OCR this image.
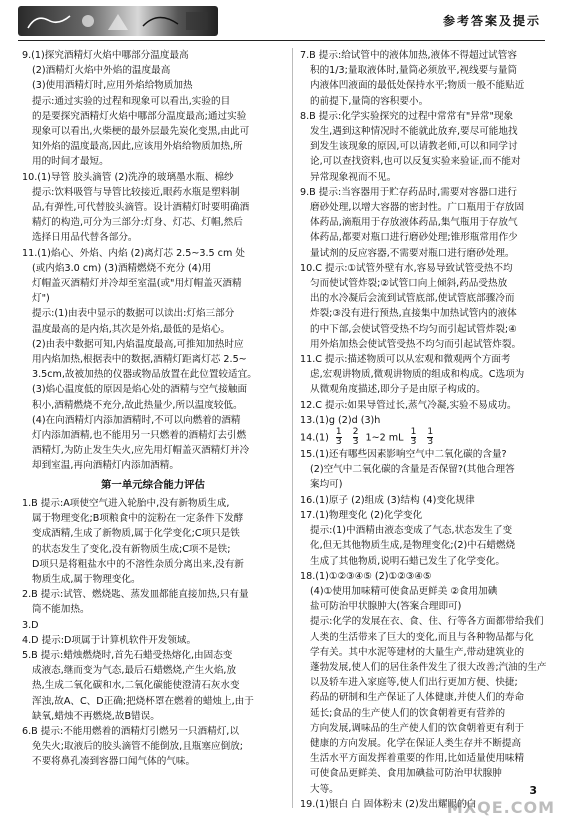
参考答案及提示
9.(1)探究酒精灯火焰中哪部分温度最高
(2)酒精灯火焰中外焰的温度最高
(3)使用酒精灯时,应用外焰给物质加热
提示:通过实验的过程和现象可以看出,实验的目
的是要探究酒精灯火焰中哪部分温度最高;通过实验
现象可以看出,火柴梗的最外层最先炭化变黑,由此可
知外焰的温度最高,因此,应该用外焰给物质加热,所
用的时间才最短。
10.(1)导管 胶头滴管 (2)洗净的玻璃墨水瓶、棉纱
提示:饮料吸管与导管比较接近,眼药水瓶是塑料制
品,有弹性,可代替胶头滴管。设计酒精灯时要明确酒
精灯的构造,可分为三部分:灯身、灯芯、灯帽,然后
选择日用品代替各部分。
11.(1)焰心、外焰、内焰 (2)离灯芯 2.5~3.5 cm 处
(或内焰3.0 cm) (3)酒精燃烧不充分 (4)用
灯帽盖灭酒精灯并冷却至室温(或"用灯帽盖灭酒精
灯")
提示:(1)由表中显示的数据可以读出:灯焰三部分
温度最高的是内焰,其次是外焰,最低的是焰心。
(2)由表中数据可知,内焰温度最高,可推知加热时应
用内焰加热,根据表中的数据,酒精灯距离灯芯 2.5~
3.5cm,故被加热的仪器或物品放置在此位置较适宜。
(3)焰心温度低的原因是焰心处的酒精与空气接触面
积小,酒精燃烧不充分,故此热量少,所以温度较低。
(4)在向酒精灯内添加酒精时,不可以向燃着的酒精
灯内添加酒精,也不能用另一只燃着的酒精灯去引燃
酒精灯,为防止发生失火,应先用灯帽盖灭酒精灯并冷
却到室温,再向酒精灯内添加酒精。
第一单元综合能力评估
1.B 提示:A项使空气进入轮胎中,没有新物质生成,
属于物理变化;B项粮食中的淀粉在一定条件下发酵
变成酒精,生成了新物质,属于化学变化;C项只是铁
的状态发生了变化,没有新物质生成;C项不是铁;
D项只是将粗盐水中的不溶性杂质分离出来,没有新
物质生成,属于物理变化。
2.B 提示:试管、燃烧匙、蒸发皿都能直接加热,只有量
筒不能加热。
3.D
4.D 提示:D项属于计算机软件开发领域。
5.B 提示:蜡烛燃烧时,首先石蜡受热熔化,由固态变
成液态,继而变为气态,最后石蜡燃烧,产生火焰,放
热,生成二氧化碳和水,二氧化碳能使澄清石灰水变
浑浊,故A、C、D正确;把烧杯罩在燃着的蜡烛上,由于
缺氧,蜡烛不再燃烧,故B错误。
6.B 提示:不能用燃着的酒精灯引燃另一只酒精灯,以
免失火;取液后的胶头滴管不能倒放,且瓶塞应倒放;
不要将鼻孔凑到容器口闻气体的气味。
7.B 提示:给试管中的液体加热,液体不得超过试管容
积的1/3;量取液体时,量筒必须放平,视线要与量筒
内液体凹液面的最低处保持水平;物质一般不能贴近
的前提下,量筒的容积要小。
8.B 提示:化学实验探究的过程中常常有"异常"现象
发生,遇到这种情况时不能就此放弃,要尽可能地找
到发生该现象的原因,可以请教老师,可以和同学讨
论,可以查找资料,也可以反复实验来验证,而不能对
异常现象视而不见。
9.B 提示:当容器用于贮存药品时,需要对容器口进行
磨砂处理,以增大容器的密封性。广口瓶用于存放固
体药品,滴瓶用于存放液体药品,集气瓶用于存放气
体药品,都要对瓶口进行磨砂处理;锥形瓶常用作少
量试剂的反应容器,不需要对瓶口进行磨砂处理。
10.C 提示:①试管外壁有水,容易导致试管受热不均
匀而使试管炸裂;②试管口向上倾斜,药品受热放
出的水冷凝后会流到试管底部,使试管底部骤冷而
炸裂;③没有进行预热,直接集中加热试管内的液体
的中下部,会使试管受热不均匀而引起试管炸裂;④
用外焰加热会使试管受热不均匀而引起试管炸裂。
11.C 提示:描述物质可以从宏观和微观两个方面考
虑,宏观讲物质,微观讲物质的组成和构成。C选项为
从微观角度描述,即分子是由原子构成的。
12.C 提示:如果导管过长,蒸气冷凝,实验不易成功。
13.(1)g (2)d (3)h
$14.(1) \frac{1}{3}$
$\frac{2}{3}$ 1~2 mL $\frac{1}{3}$
$\frac{1}{3}$
15.(1)还有哪些因素影响空气中二氧化碳的含量?
(2)空气中二氧化碳的含量是否保留?(其他合理答
案均可)
16.(1)原子 (2)组成 (3)结构 (4)变化规律
17.(1)物理变化 (2)化学变化
提示:(1)中酒精由液态变成了气态,状态发生了变
化,但无其他物质生成,是物理变化;(2)中石蜡燃烧
生成了其他物质,说明石蜡已发生了化学变化。
18.(1)①②③④⑤ (2)①②③④⑤
(4)①使用加味精可使食品更鲜美 ②食用加碘
盐可防治甲状腺肿大(答案合理即可)
提示:化学的发展在衣、食、住、行等各方面都带给我们
人类的生活带来了巨大的变化,而且与各种物品都与化
学有关。其中水泥等建材的大量生产,带动建筑业的
蓬勃发展,使人们的居住条件发生了很大改善;汽油的生产
以及轿车进入家庭等,使人们出行更加方便、快捷;
药品的研制和生产保证了人体健康,并使人们的寿命
延长;食品的生产使人们的饮食朝着更有营养的
方向发展,调味品的生产使人们的饮食朝着更有利于
健康的方向发展。化学在保证人类生存并不断提高
生活水平方面发挥着重要的作用,比如适量使用味精
可使食品更鲜美、食用加碘盐可防治甲状腺肿
大等。
19.(1)银白 白 固体粉末 (2)发出耀眼的白
3
MXQE.COM
